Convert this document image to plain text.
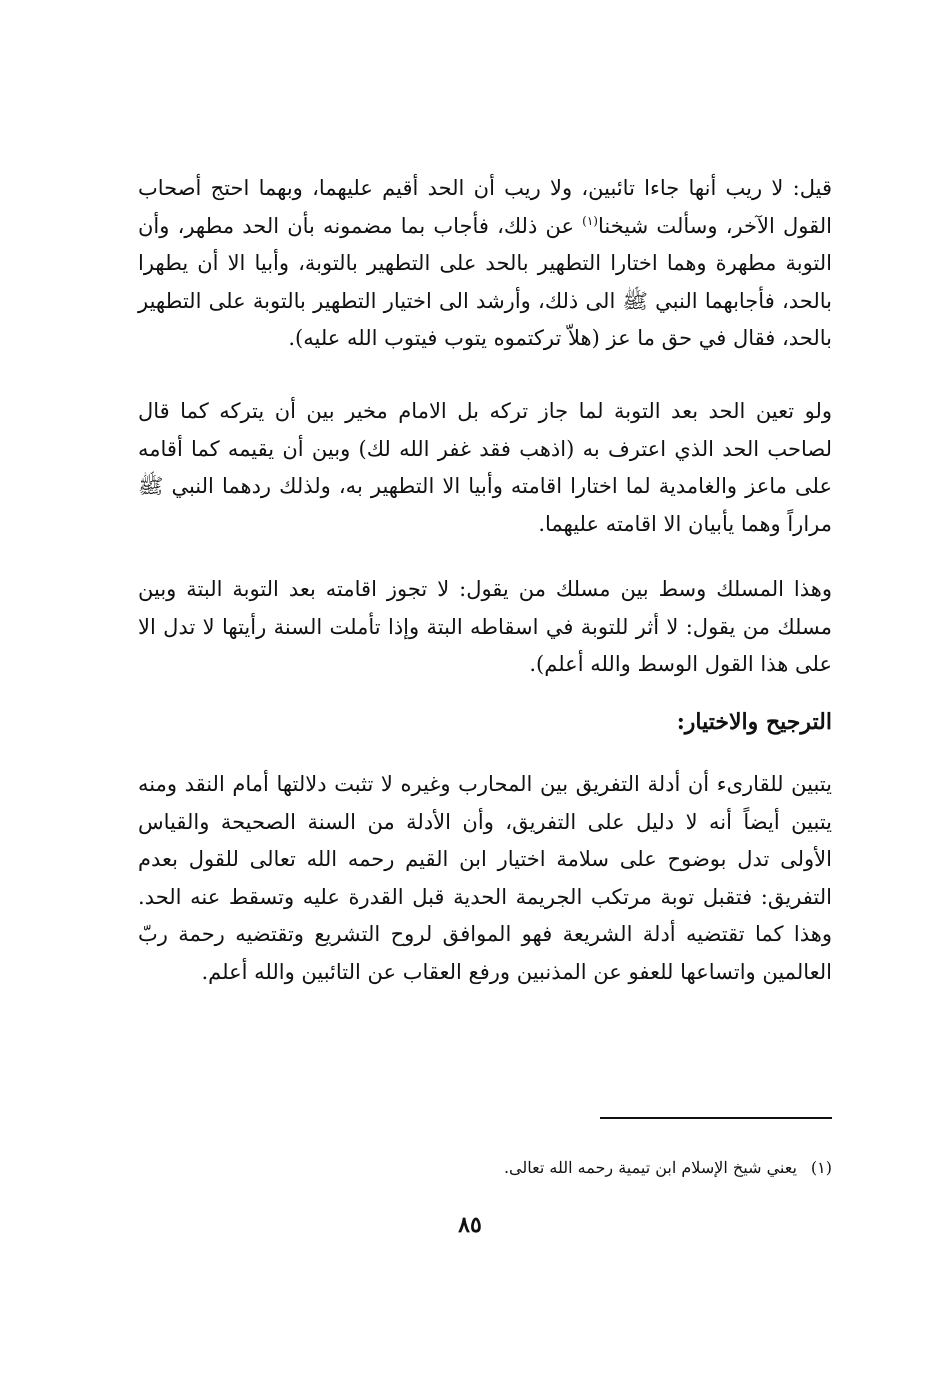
قيل: لا ريب أنها جاءا تائبين، ولا ريب أن الحد أقيم عليهما، وبهما احتج أصحاب القول الآخر، وسألت شيخنا$^{(١)}$ عن ذلك، فأجاب بما مضمونه بأن الحد مطهر، وأن التوبة مطهرة وهما اختارا التطهير بالحد على التطهير بالتوبة، وأبيا الا أن يطهرا بالحد، فأجابهما النبي ﷺ الى ذلك، وأرشد الى اختيار التطهير بالتوبة على التطهير بالحد، فقال في حق ما عز (هلاّ تركتموه يتوب فيتوب الله عليه).

ولو تعين الحد بعد التوبة لما جاز تركه بل الامام مخير بين أن يتركه كما قال لصاحب الحد الذي اعترف به (اذهب فقد غفر الله لك) وبين أن يقيمه كما أقامه على ماعز والغامدية لما اختارا اقامته وأبيا الا التطهير به، ولذلك ردهما النبي ﷺ مراراً وهما يأبيان الا اقامته عليهما.

وهذا المسلك وسط بين مسلك من يقول: لا تجوز اقامته بعد التوبة البتة وبين مسلك من يقول: لا أثر للتوبة في اسقاطه البتة وإذا تأملت السنة رأيتها لا تدل الا على هذا القول الوسط والله أعلم).

الترجيح والاختيار:

يتبين للقارىء أن أدلة التفريق بين المحارب وغيره لا تثبت دلالتها أمام النقد ومنه يتبين أيضاً أنه لا دليل على التفريق، وأن الأدلة من السنة الصحيحة والقياس الأولى تدل بوضوح على سلامة اختيار ابن القيم رحمه الله تعالى للقول بعدم التفريق: فتقبل توبة مرتكب الجريمة الحدية قبل القدرة عليه وتسقط عنه الحد. وهذا كما تقتضيه أدلة الشريعة فهو الموافق لروح التشريع وتقتضيه رحمة ربّ العالمين واتساعها للعفو عن المذنبين ورفع العقاب عن التائبين والله أعلم.

(١)يعني شيخ الإسلام ابن تيمية رحمه الله تعالى.

٨٥
